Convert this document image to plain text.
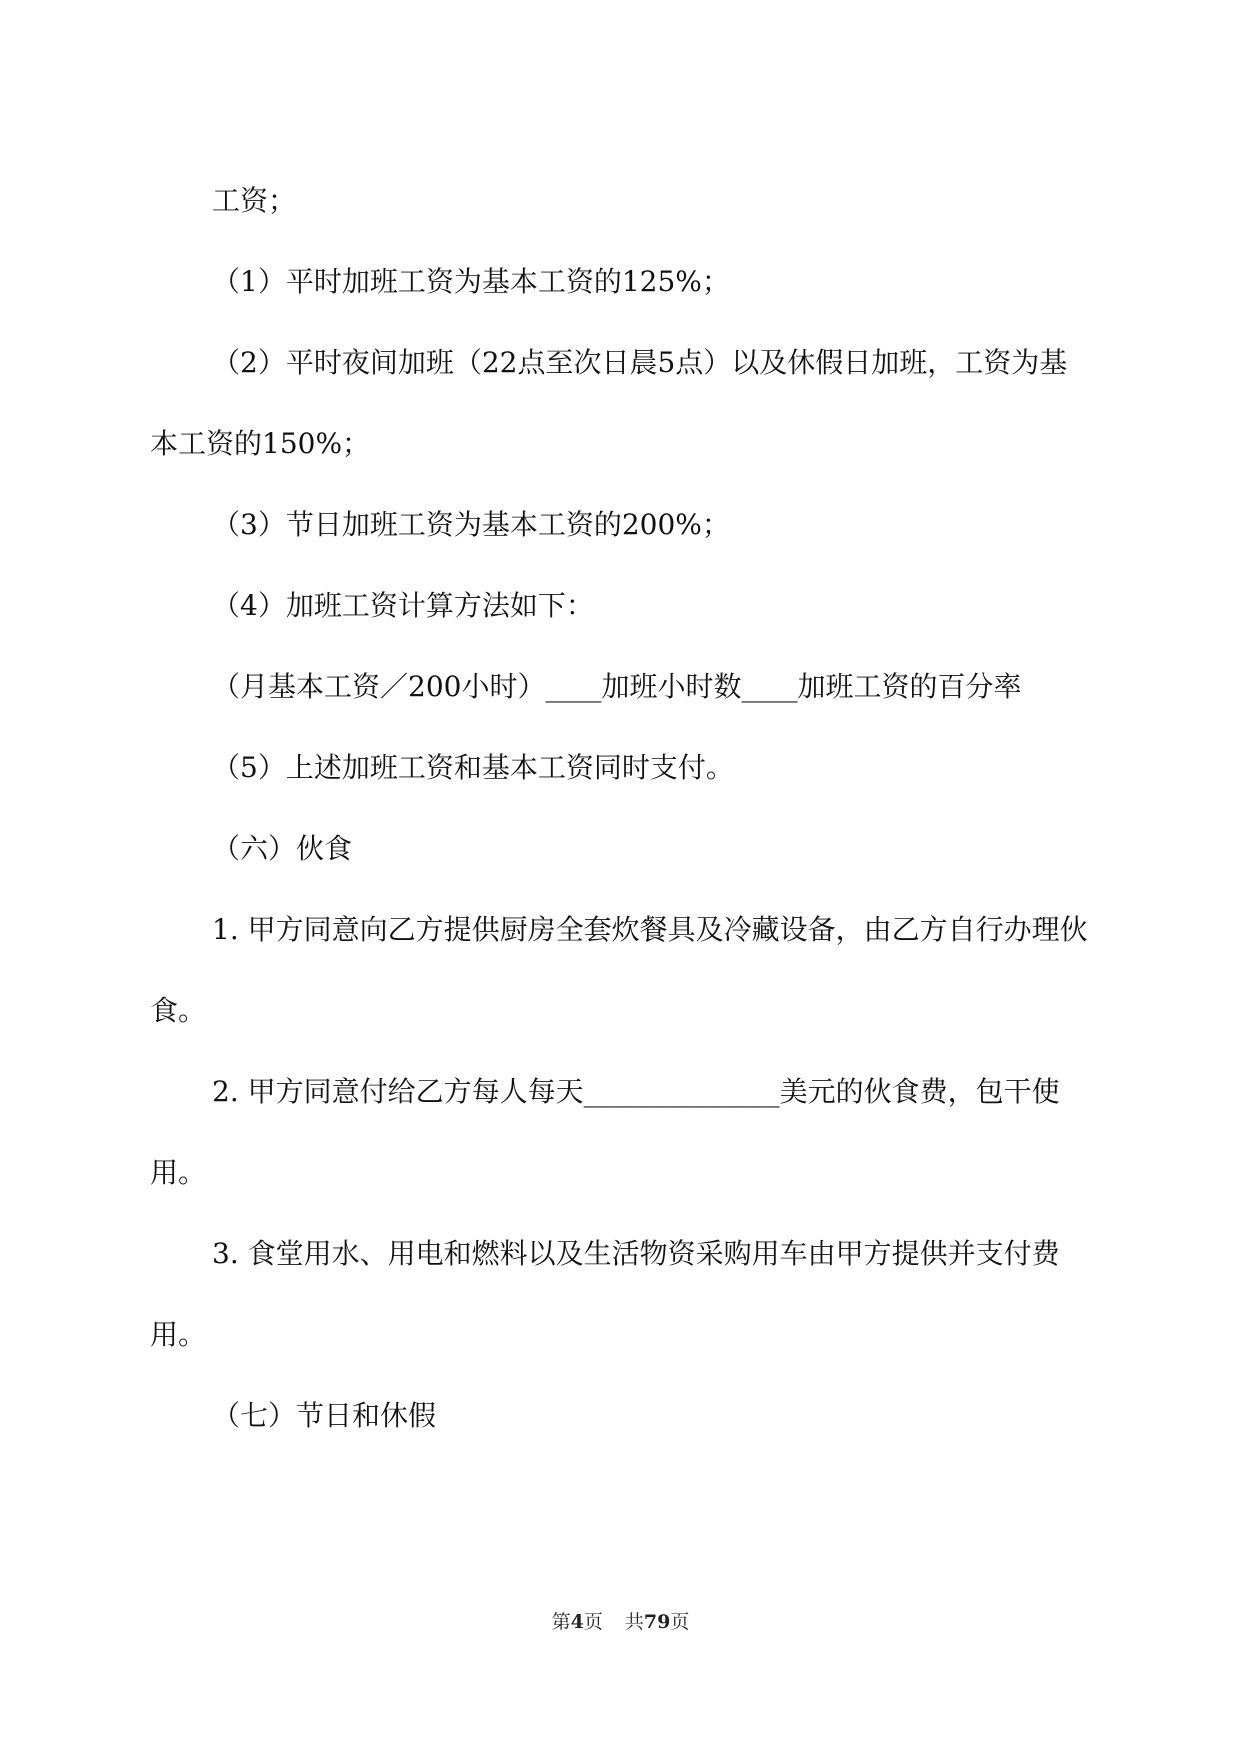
工资；

（1）平时加班工资为基本工资的125%；

（2）平时夜间加班（22点至次日晨5点）以及休假日加班，工资为基本工资的150%；

（3）节日加班工资为基本工资的200%；

（4）加班工资计算方法如下：

（月基本工资／200小时）____加班小时数____加班工资的百分率

（5）上述加班工资和基本工资同时支付。

（六）伙食

1. 甲方同意向乙方提供厨房全套炊餐具及冷藏设备，由乙方自行办理伙食。

2. 甲方同意付给乙方每人每天______________美元的伙食费，包干使用。

3. 食堂用水、用电和燃料以及生活物资采购用车由甲方提供并支付费用。

（七）节日和休假

第4页 共79页
